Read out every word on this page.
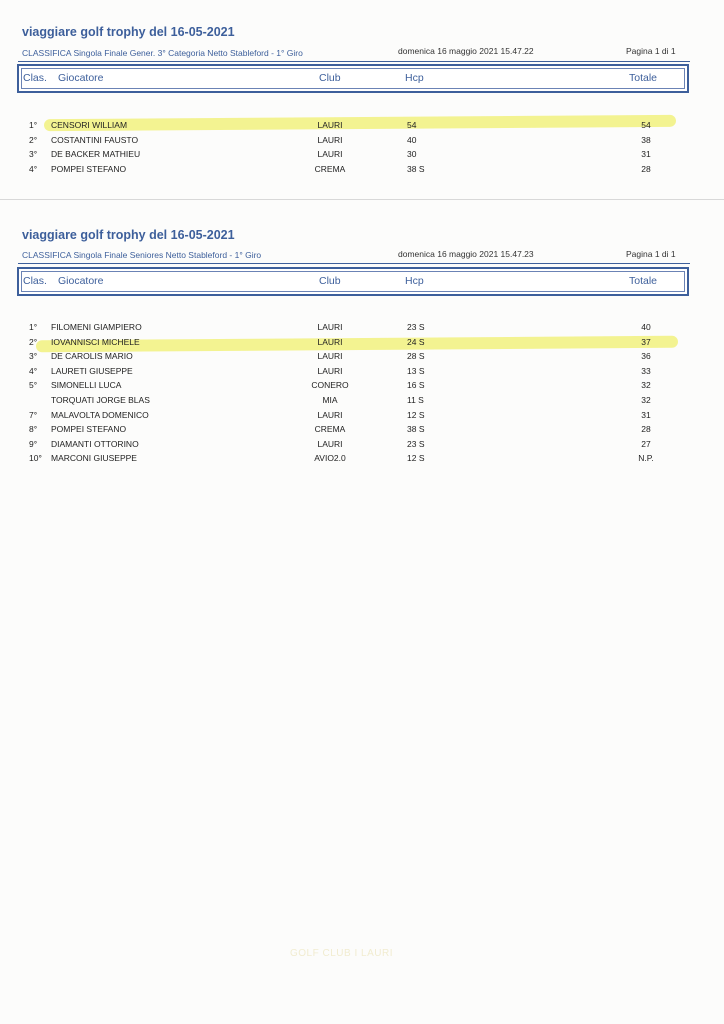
viaggiare golf trophy del 16-05-2021
CLASSIFICA Singola Finale Gener. 3° Categoria Netto Stableford - 1° Giro	domenica 16 maggio 2021 15.47.22	Pagina 1 di 1
Clas. Giocatore	Club	Hcp	Totale
1° CENSORI WILLIAM	LAURI	54	54
2° COSTANTINI FAUSTO	LAURI	40	38
3° DE BACKER MATHIEU	LAURI	30	31
4° POMPEI STEFANO	CREMA	38 S	28
viaggiare golf trophy del 16-05-2021
CLASSIFICA Singola Finale Seniores Netto Stableford - 1° Giro	domenica 16 maggio 2021 15.47.23	Pagina 1 di 1
Clas. Giocatore	Club	Hcp	Totale
1° FILOMENI GIAMPIERO	LAURI	23 S	40
2° IOVANNISCI MICHELE	LAURI	24 S	37
3° DE CAROLIS MARIO	LAURI	28 S	36
4° LAURETI GIUSEPPE	LAURI	13 S	33
5° SIMONELLI LUCA	CONERO	16 S	32
TORQUATI JORGE BLAS	MIA	11 S	32
7° MALAVOLTA DOMENICO	LAURI	12 S	31
8° POMPEI STEFANO	CREMA	38 S	28
9° DIAMANTI OTTORINO	LAURI	23 S	27
10° MARCONI GIUSEPPE	AVIO2.0	12 S	N.P.
GOLF CLUB I LAURI
